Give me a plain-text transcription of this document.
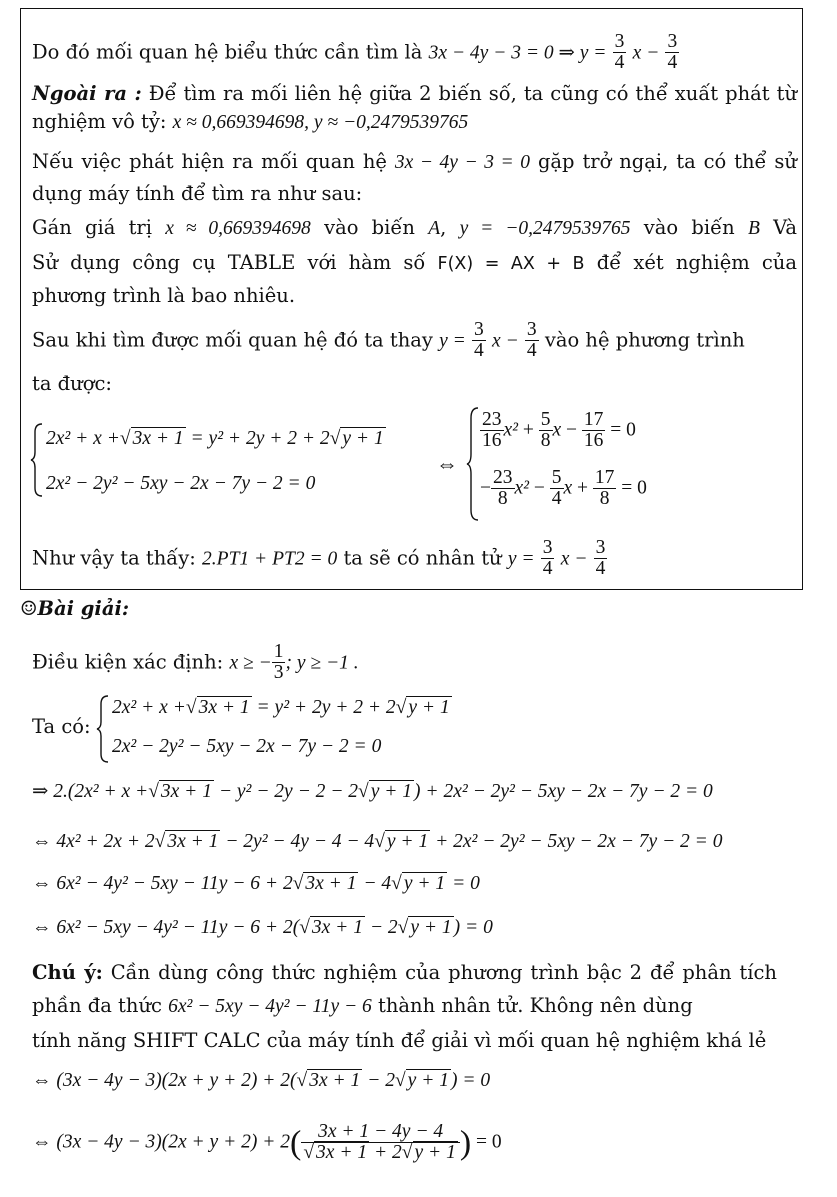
Do đó mối quan hệ biểu thức cần tìm là 3x − 4y − 3 = 0 ⇒ $y = \frac{3}{4}$ $x - \frac{3}{4}$
Ngoài ra : Để tìm ra mối liên hệ giữa 2 biến số, ta cũng có thể xuất phát từ
nghiệm vô tỷ: x ≈ 0,669394698, y ≈ −0,2479539765
Nếu việc phát hiện ra mối quan hệ 3x − 4y − 3 = 0 gặp trở ngại, ta có thể sử
dụng máy tính để tìm ra như sau:
Gán giá trị x ≈ 0,669394698 vào biến A, y = −0,2479539765 vào biến B Và
Sử dụng công cụ TABLE với hàm số F(X) = AX + B để xét nghiệm của
phương trình là bao nhiêu.
Sau khi tìm được mối quan hệ đó ta thay $y = \frac{3}{4}$ $x - \frac{3}{4}$ vào hệ phương trình
ta được:
2x² + x +√ 3x + 1 = y² + 2y + 2 + 2√ y + 1
2x² − 2y² − 5xy − 2x − 7y − 2 = 0
⇔
$\frac{23}{16} x^2 + \frac{5}{8}$ $x - \frac{17}{16} = 0$
− $\frac{23}{8} x^2 - \frac{5}{4}$ $x + \frac{17}{8} = 0$
Như vậy ta thấy: 2.PT1 + PT2 = 0 ta sẽ có nhân tử $y = \frac{3}{4}$ $x - \frac{3}{4}$
☺Bài giải:
Điều kiện xác định: x ≥ − $\frac{1}{3}$ ; y ≥ −1 .
Ta có:
2x² + x +√ 3x + 1 = y² + 2y + 2 + 2√ y + 1
2x² − 2y² − 5xy − 2x − 7y − 2 = 0
⇒ 2.(2x² + x +√ 3x + 1 − y² − 2y − 2 − 2√ y + 1 ) + 2x² − 2y² − 5xy − 2x − 7y − 2 = 0
⇔ 4x² + 2x + 2√ 3x + 1 − 2y² − 4y − 4 − 4√ y + 1 + 2x² − 2y² − 5xy − 2x − 7y − 2 = 0
⇔ 6x² − 4y² − 5xy − 11y − 6 + 2√ 3x + 1 − 4√ y + 1 = 0
⇔ 6x² − 5xy − 4y² − 11y − 6 + 2(√ 3x + 1 − 2√ y + 1 ) = 0
Chú ý: Cần dùng công thức nghiệm của phương trình bậc 2 để phân tích
phần đa thức 6x² − 5xy − 4y² − 11y − 6 thành nhân tử. Không nên dùng
tính năng SHIFT CALC của máy tính để giải vì mối quan hệ nghiệm khá lẻ
⇔ (3x − 4y − 3)(2x + y + 2) + 2(√ 3x + 1 − 2√ y + 1 ) = 0
⇔ $(3x - 4y - 3)(2x + y + 2) + 2( \frac{3x + 1 - 4y - 4}{√ 3x + 1 + 2√ y + 1}$ ) = 0
